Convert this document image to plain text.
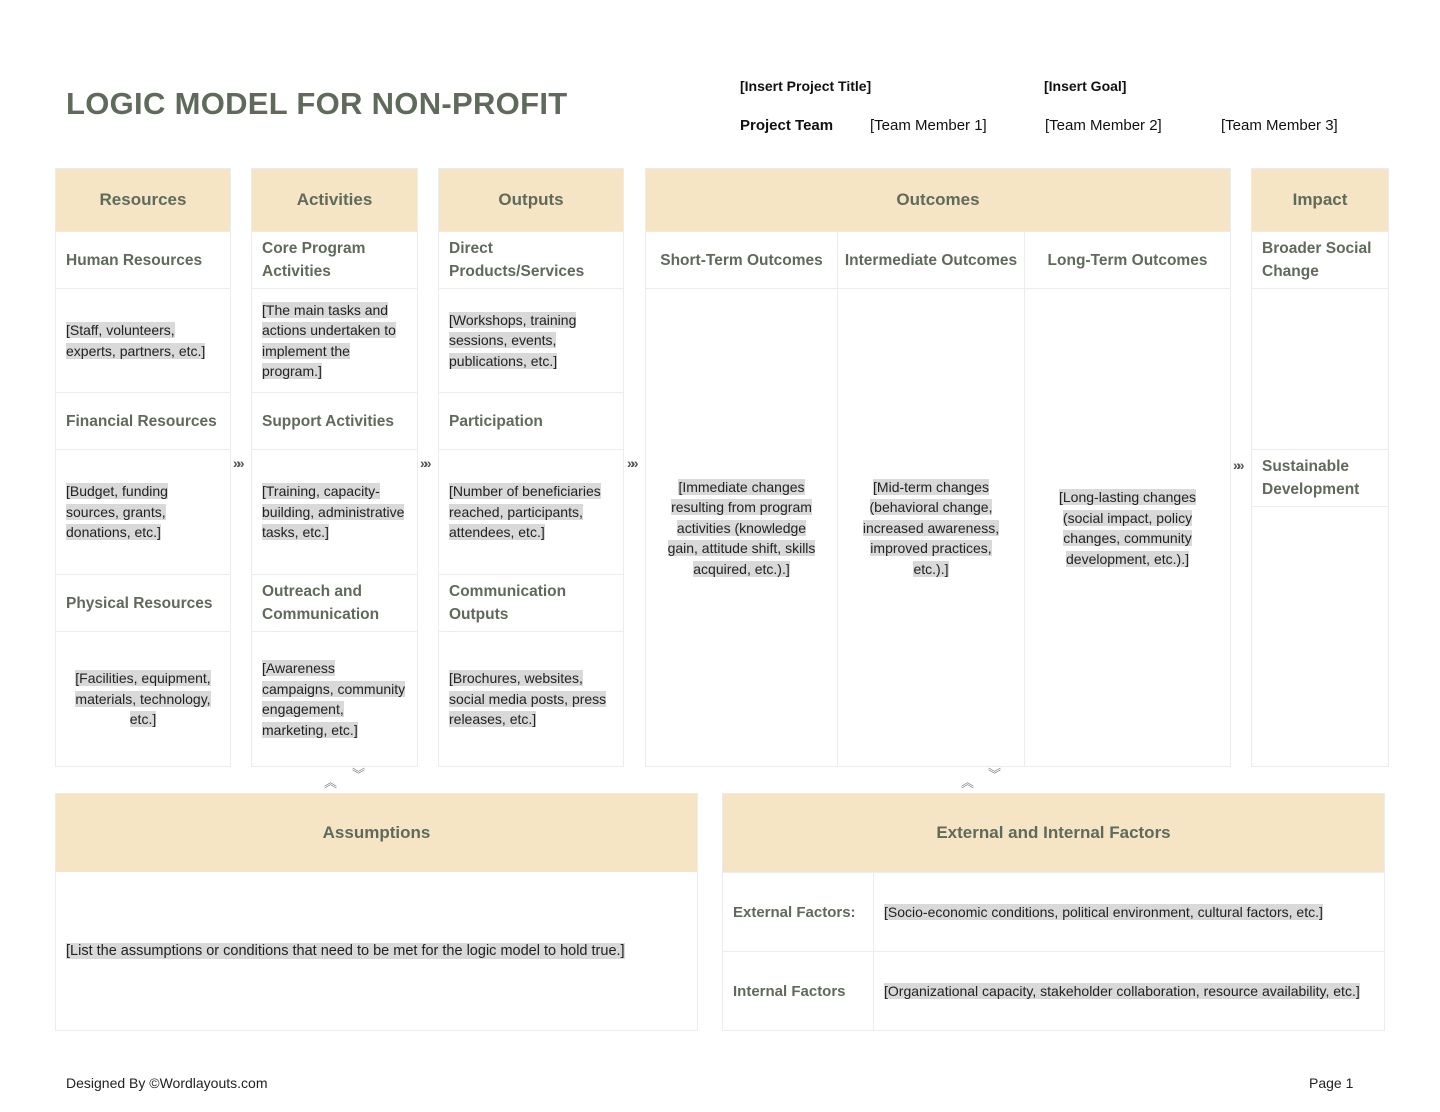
LOGIC MODEL FOR NON-PROFIT	[Insert Project Title]	[Insert Goal]
Project Team [Team Member 1]	[Team Member 2]	[Team Member 3]
Resources
Human Resources
[Staff, volunteers, experts, partners, etc.]
Financial Resources
[Budget, funding sources, grants, donations, etc.]
Physical Resources
[Facilities, equipment, materials, technology, etc.]
Activities
Core Program Activities
[The main tasks and actions undertaken to implement the program.]
Support Activities
[Training, capacity-building, administrative tasks, etc.]
Outreach and Communication
[Awareness campaigns, community engagement, marketing, etc.]
Outputs
Direct Products/Services
[Workshops, training sessions, events, publications, etc.]
Participation
[Number of beneficiaries reached, participants, attendees, etc.]
Communication Outputs
[Brochures, websites, social media posts, press releases, etc.]
Outcomes
Short-Term Outcomes
[Immediate changes resulting from program activities (knowledge gain, attitude shift, skills acquired, etc.).]
Intermediate Outcomes
[Mid-term changes (behavioral change, increased awareness, improved practices, etc.).]
Long-Term Outcomes
[Long-lasting changes (social impact, policy changes, community development, etc.).]
Impact
Broader Social Change
Sustainable Development
»»	»»	»»	»»
︽
︾
︽
︾
Assumptions
[List the assumptions or conditions that need to be met for the logic model to hold true.]
External and Internal Factors
External Factors: [Socio-economic conditions, political environment, cultural factors, etc.]
Internal Factors	[Organizational capacity, stakeholder collaboration, resource availability, etc.]
Designed By ©Wordlayouts.com	Page 1
